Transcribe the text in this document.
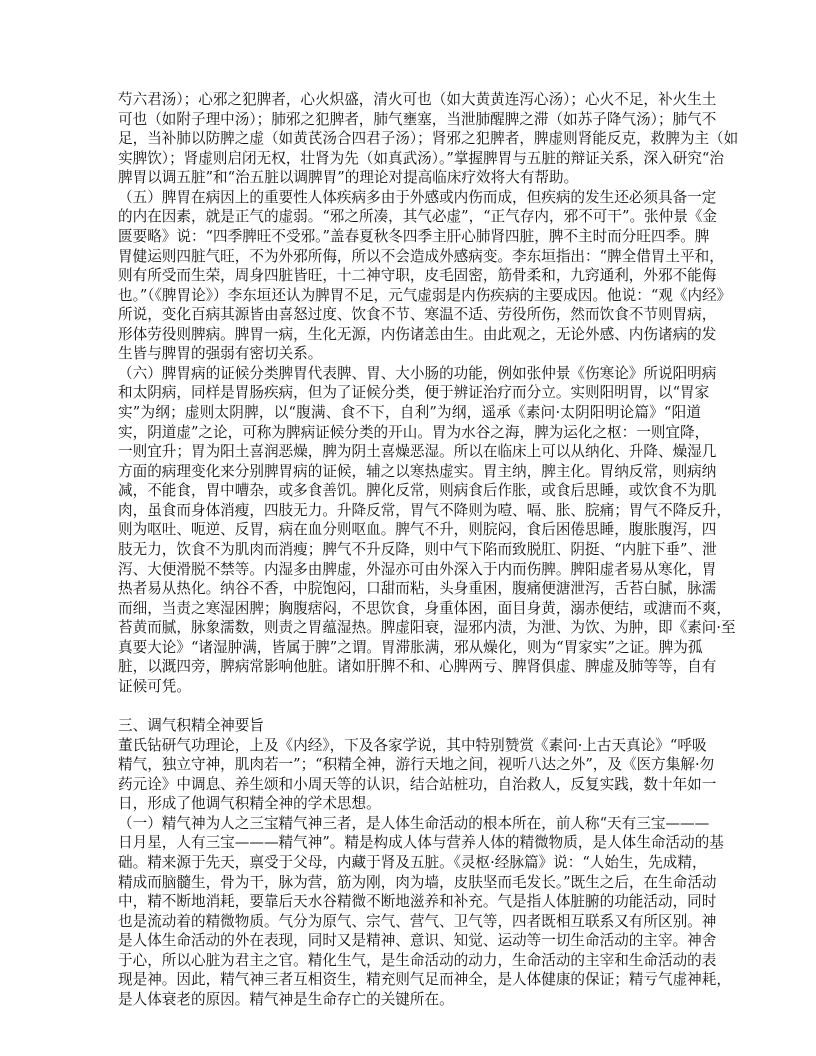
芍六君汤）；心邪之犯脾者，心火炽盛，清火可也（如大黄黄连泻心汤）；心火不足，补火生土
可也（如附子理中汤）；肺邪之犯脾者，肺气壅塞，当泄肺醒脾之滞（如苏子降气汤）；肺气不
足，当补肺以防脾之虚（如黄芪汤合四君子汤）；肾邪之犯脾者，脾虚则肾能反克，救脾为主（如
实脾饮）；肾虚则启闭无权，壮肾为先（如真武汤）。”掌握脾胃与五脏的辩证关系，深入研究“治
脾胃以调五脏”和“治五脏以调脾胃”的理论对提高临床疗效将大有帮助。
（五）脾胃在病因上的重要性人体疾病多由于外感或内伤而成，但疾病的发生还必须具备一定
的内在因素，就是正气的虚弱。“邪之所凑，其气必虚”，“正气存内，邪不可干”。张仲景《金
匮要略》说：“四季脾旺不受邪。”盖春夏秋冬四季主肝心肺肾四脏，脾不主时而分旺四季。脾
胃健运则四脏气旺，不为外邪所侮，所以不会造成外感病变。李东垣指出：“脾全借胃土平和，
则有所受而生荣，周身四脏皆旺，十二神守职，皮毛固密，筋骨柔和，九窍通利，外邪不能侮
也。”（《脾胃论》）李东垣还认为脾胃不足，元气虚弱是内伤疾病的主要成因。他说：“观《内经》
所说，变化百病其源皆由喜怒过度、饮食不节、寒温不适、劳役所伤，然而饮食不节则胃病，
形体劳役则脾病。脾胃一病，生化无源，内伤诸恙由生。由此观之，无论外感、内伤诸病的发
生皆与脾胃的强弱有密切关系。
（六）脾胃病的证候分类脾胃代表脾、胃、大小肠的功能，例如张仲景《伤寒论》所说阳明病
和太阴病，同样是胃肠疾病，但为了证候分类，便于辨证治疗而分立。实则阳明胃，以“胃家
实”为纲；虚则太阴脾，以“腹满、食不下，自利”为纲，遥承《素问·太阴阳明论篇》“阳道
实，阴道虚”之论，可称为脾病证候分类的开山。胃为水谷之海，脾为运化之枢：一则宜降，
一则宜升；胃为阳土喜润恶燥，脾为阴土喜燥恶湿。所以在临床上可以从纳化、升降、燥湿几
方面的病理变化来分别脾胃病的证候，辅之以寒热虚实。胃主纳，脾主化。胃纳反常，则病纳
减，不能食，胃中嘈杂，或多食善饥。脾化反常，则病食后作胀，或食后思睡，或饮食不为肌
肉，虽食而身体消瘦，四肢无力。升降反常，胃气不降则为噎、嗝、胀、脘痛；胃气不降反升，
则为呕吐、呃逆、反胃，病在血分则呕血。脾气不升，则脘闷，食后困倦思睡，腹胀腹泻，四
肢无力，饮食不为肌肉而消瘦；脾气不升反降，则中气下陷而致脱肛、阴挺、“内脏下垂”、泄
泻、大便滑脱不禁等。内湿多由脾虚，外湿亦可由外深入于内而伤脾。脾阳虚者易从寒化，胃
热者易从热化。纳谷不香，中脘饱闷，口甜而粘，头身重困，腹痛便溏泄泻，舌苔白腻，脉濡
而细，当责之寒湿困脾；胸腹痞闷，不思饮食，身重体困，面目身黄，溺赤便结，或溏而不爽，
苔黄而腻，脉象濡数，则责之胃蕴湿热。脾虚阳衰，湿邪内渍，为泄、为饮、为肿，即《素问·至
真要大论》“诸湿肿满，皆属于脾”之谓。胃滞胀满，邪从燥化，则为“胃家实”之证。脾为孤
脏，以溉四旁，脾病常影响他脏。诸如肝脾不和、心脾两亏、脾肾俱虚、脾虚及肺等等，自有
证候可凭。
三、调气积精全神要旨
董氏钻研气功理论，上及《内经》，下及各家学说，其中特别赞赏《素问·上古天真论》“呼吸
精气，独立守神，肌肉若一”；“积精全神，游行天地之间，视听八达之外”，及《医方集解·勿
药元诠》中调息、养生颂和小周天等的认识，结合站桩功，自治救人，反复实践，数十年如一
日，形成了他调气积精全神的学术思想。
（一）精气神为人之三宝精气神三者，是人体生命活动的根本所在，前人称“天有三宝———
日月星，人有三宝———精气神”。精是构成人体与营养人体的精微物质，是人体生命活动的基
础。精来源于先天，禀受于父母，内藏于肾及五脏。《灵枢·经脉篇》说：“人始生，先成精，
精成而脑髓生，骨为干，脉为营，筋为刚，肉为墙，皮肤坚而毛发长。”既生之后，在生命活动
中，精不断地消耗，要靠后天水谷精微不断地滋养和补充。气是指人体脏腑的功能活动，同时
也是流动着的精微物质。气分为原气、宗气、营气、卫气等，四者既相互联系又有所区别。神
是人体生命活动的外在表现，同时又是精神、意识、知觉、运动等一切生命活动的主宰。神舍
于心，所以心脏为君主之官。精化生气，是生命活动的动力，生命活动的主宰和生命活动的表
现是神。因此，精气神三者互相资生，精充则气足而神全，是人体健康的保证；精亏气虚神耗，
是人体衰老的原因。精气神是生命存亡的关键所在。
